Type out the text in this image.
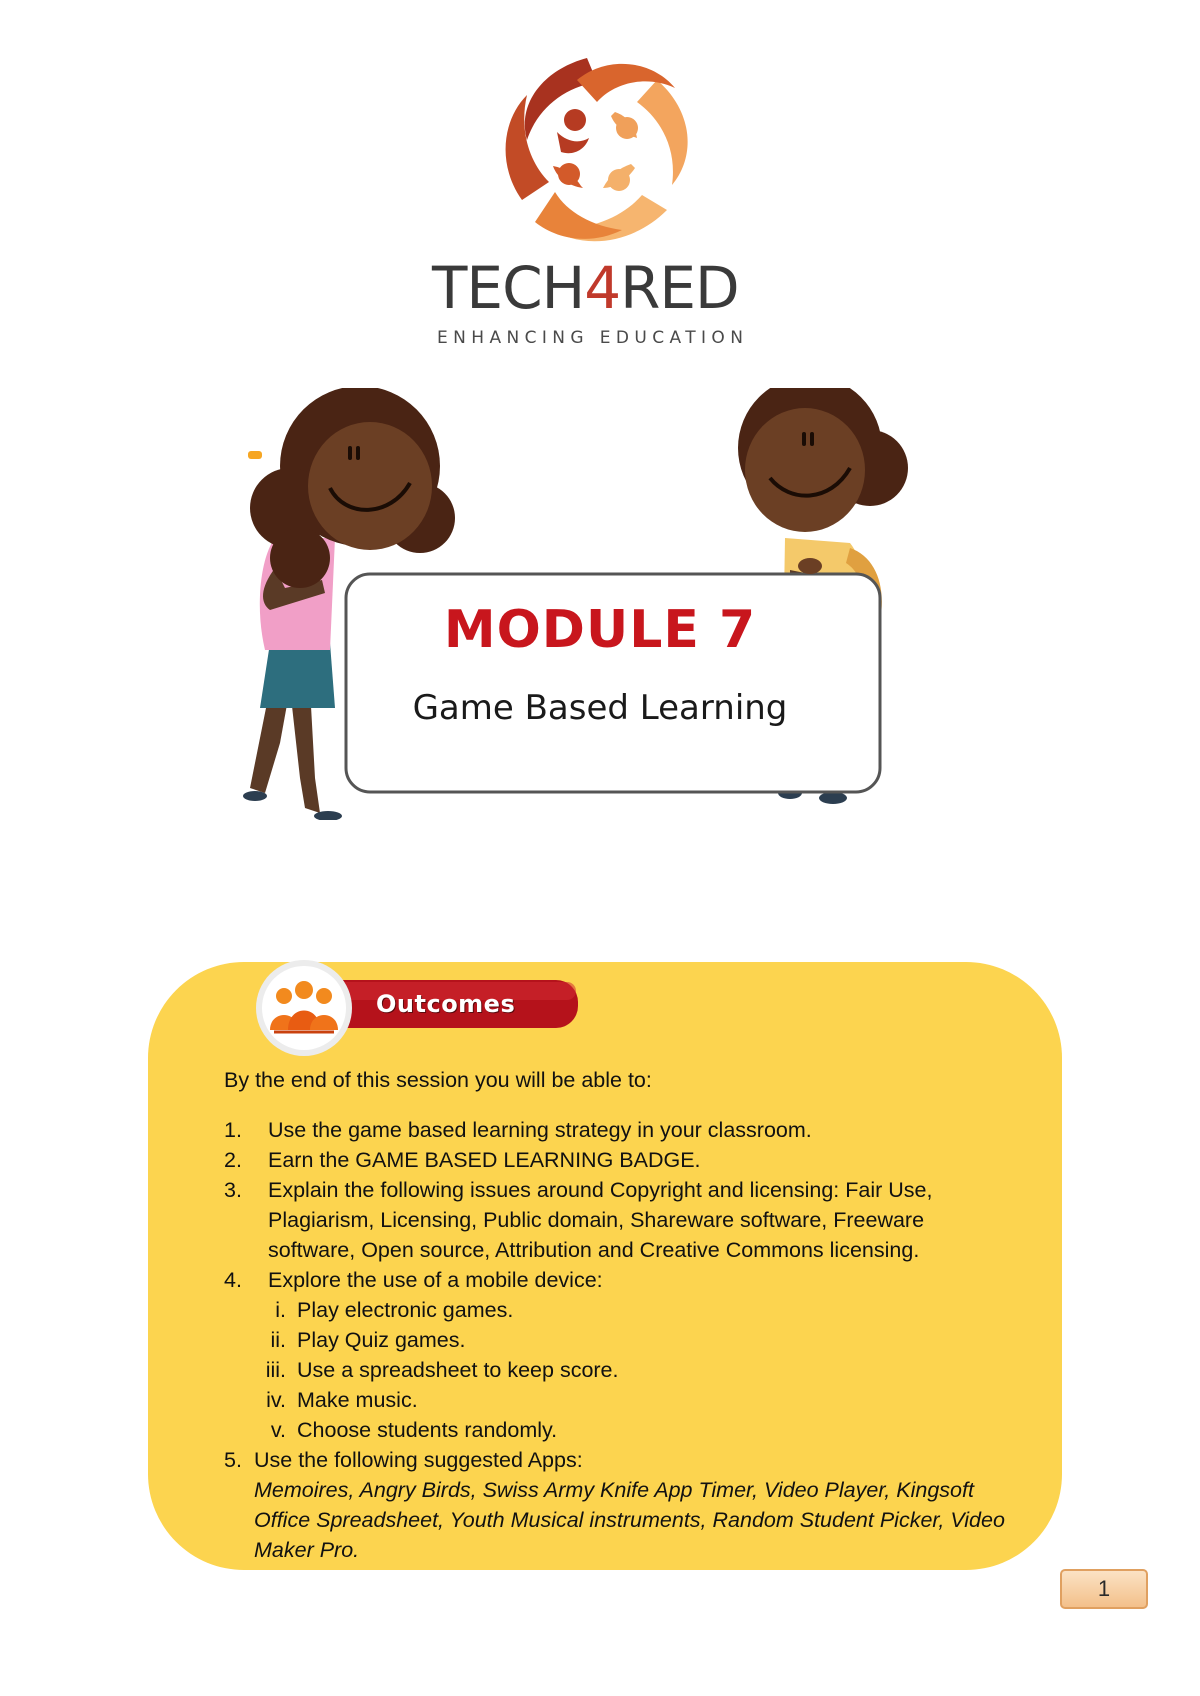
TECH4RED
ENHANCING EDUCATION
MODULE 7
Game Based Learning
Outcomes
By the end of this session you will be able to:
1. Use the game based learning strategy in your classroom.
2. Earn the GAME BASED LEARNING BADGE.
3. Explain the following issues around Copyright and licensing: Fair Use, Plagiarism, Licensing, Public domain, Shareware software, Freeware software, Open source, Attribution and Creative Commons licensing.
4. Explore the use of a mobile device:
i. Play electronic games.
ii. Play Quiz games.
iii. Use a spreadsheet to keep score.
iv. Make music.
v. Choose students randomly.
5. Use the following suggested Apps:
Memoires, Angry Birds, Swiss Army Knife App Timer, Video Player, Kingsoft Office Spreadsheet, Youth Musical instruments, Random Student Picker, Video Maker Pro.
1
